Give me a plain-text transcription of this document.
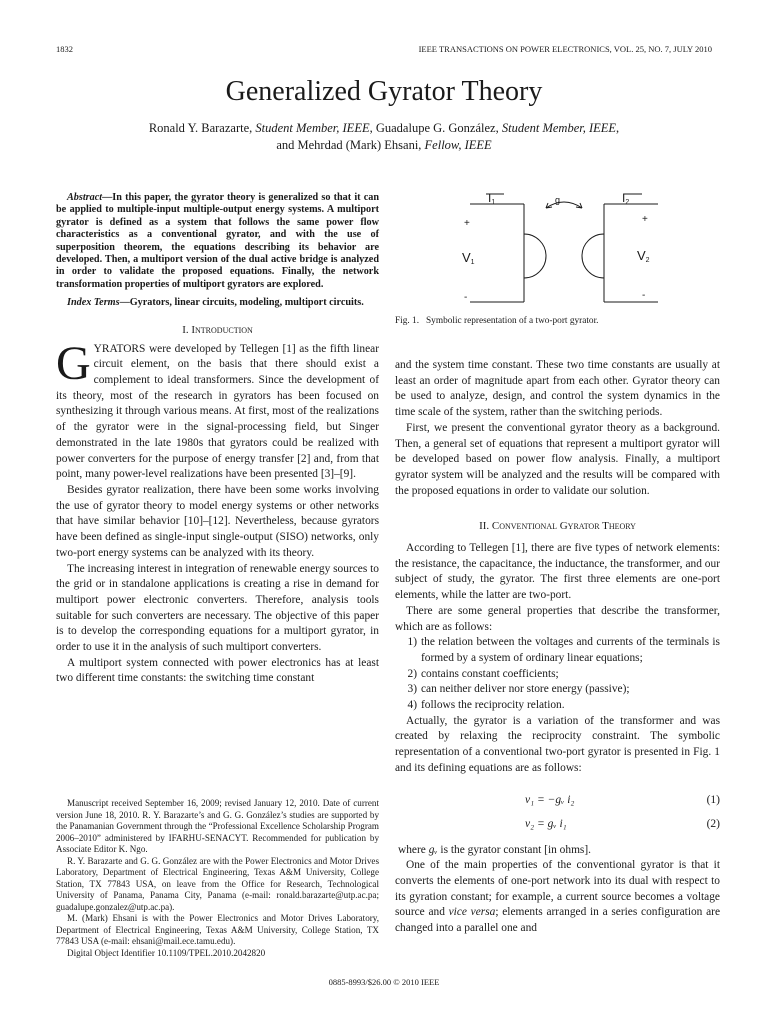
1832	IEEE TRANSACTIONS ON POWER ELECTRONICS, VOL. 25, NO. 7, JULY 2010
Generalized Gyrator Theory
Ronald Y. Barazarte, Student Member, IEEE, Guadalupe G. González, Student Member, IEEE,
and Mehrdad (Mark) Ehsani, Fellow, IEEE

Abstract—In this paper, the gyrator theory is generalized so that it can be applied to multiple-input multiple-output energy systems. A multiport gyrator is defined as a system that follows the same power flow characteristics as a conventional gyrator, and with the use of superposition theorem, the equations describing its behavior are developed. Then, a multiport version of the dual active bridge is analyzed in order to validate the proposed equations. Finally, the network transformation properties of multiport gyrators are explored.

Index Terms—Gyrators, linear circuits, modeling, multiport circuits.

I. Introduction

GYRATORS were developed by Tellegen [1] as the fifth linear circuit element, on the basis that there should exist a complement to ideal transformers. Since the development of its theory, most of the research in gyrators has been focused on synthesizing it through various means. At first, most of the realizations of the gyrator were in the signal-processing field, but Singer demonstrated in the late 1980s that gyrators could be realized with power converters for the purpose of energy transfer [2] and, from that point, many power-level realizations have been presented [3]–[9].

Besides gyrator realization, there have been some works involving the use of gyrator theory to model energy systems or other networks that have similar behavior [10]–[12]. Nevertheless, because gyrators have been defined as single-input single-output (SISO) networks, only two-port energy systems can be analyzed with its theory.

The increasing interest in integration of renewable energy sources to the grid or in standalone applications is creating a rise in demand for multiport power electronic converters. Therefore, analysis tools suitable for such converters are necessary. The objective of this paper is to develop the corresponding equations for a multiport gyrator, in order to use it in the analysis of such multiport converters.

A multiport system connected with power electronics has at least two different time constants: the switching time constant

Manuscript received September 16, 2009; revised January 12, 2010. Date of current version June 18, 2010. R. Y. Barazarte’s and G. G. González’s studies are supported by the Panamanian Government through the “Professional Excellence Scholarship Program 2006–2010” administered by IFARHU-SENACYT. Recommended for publication by Associate Editor K. Ngo.

R. Y. Barazarte and G. G. González are with the Power Electronics and Motor Drives Laboratory, Department of Electrical Engineering, Texas A&M University, College Station, TX 77843 USA, on leave from the Office for Research, Technological University of Panama, Panama City, Panama (e-mail: ronald.barazarte@utp.ac.pa; guadalupe.gonzalez@utp.ac.pa).

M. (Mark) Ehsani is with the Power Electronics and Motor Drives Laboratory, Department of Electrical Engineering, Texas A&M University, College Station, TX 77843 USA (e-mail: ehsani@mail.ece.tamu.edu).

Digital Object Identifier 10.1109/TPEL.2010.2042820

I1	I2
g
+	+
-	-
V1	V2
Fig. 1. Symbolic representation of a two-port gyrator.

and the system time constant. These two time constants are usually at least an order of magnitude apart from each other. Gyrator theory can be used to analyze, design, and control the system dynamics in the time scale of the system, rather than the switching periods.

First, we present the conventional gyrator theory as a background. Then, a general set of equations that represent a multiport gyrator will be developed based on power flow analysis. Finally, a multiport gyrator system will be analyzed and the results will be compared with the proposed equations in order to validate our solution.

II. Conventional Gyrator Theory

According to Tellegen [1], there are five types of network elements: the resistance, the capacitance, the inductance, the transformer, and our subject of study, the gyrator. The first three elements are one-port elements, while the latter are two-port.

There are some general properties that describe the transformer, which are as follows:

1) the relation between the voltages and currents of the terminals is formed by a system of ordinary linear equations;
2) contains constant coefficients;
3) can neither deliver nor store energy (passive);
4) follows the reciprocity relation.

Actually, the gyrator is a variation of the transformer and was created by relaxing the reciprocity constraint. The symbolic representation of a conventional two-port gyrator is presented in Fig. 1 and its defining equations are as follows:

v₁ = −gᵥ i₂	(1)
v₂ = gᵥ i₁	(2)

where gᵥ is the gyrator constant [in ohms].

One of the main properties of the conventional gyrator is that it converts the elements of one-port network into its dual with respect to its gyration constant; for example, a current source becomes a voltage source and vice versa; elements arranged in a series configuration are changed into a parallel one and

0885-8993/$26.00 © 2010 IEEE
